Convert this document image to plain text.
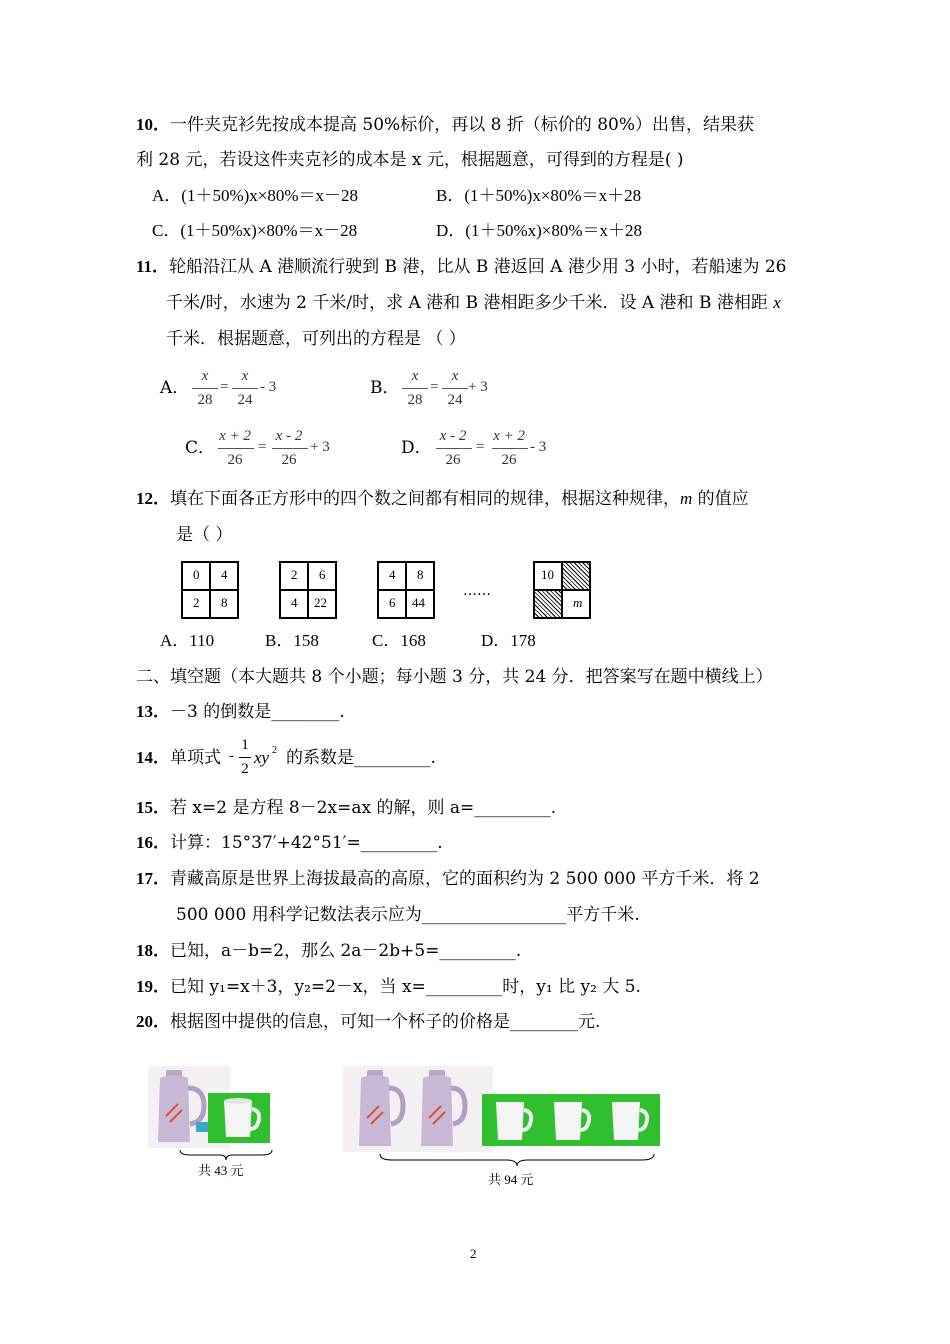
10．一件夹克衫先按成本提高 50%标价，再以 8 折（标价的 80%）出售，结果获
利 28 元，若设这件夹克衫的成本是 x 元，根据题意，可得到的方程是( )
A．(1＋50%)x×80%＝x－28	B．(1＋50%)x×80%＝x＋28
C．(1＋50%x)×80%＝x－28	D．(1＋50%x)×80%＝x＋28
11．轮船沿江从 A 港顺流行驶到 B 港，比从 B 港返回 A 港少用 3 小时，若船速为 26
千米/时，水速为 2 千米/时，求 A 港和 B 港相距多少千米．设 A 港和 B 港相距 x
千米．根据题意，可列出的方程是 （ ）
A．
x
28
=
x
24
- 3	B．
x
28
=
x
24
+ 3
C．
x + 2
26
=
x - 2
26
+ 3	D．
x - 2
26
=
x + 2
26
- 3
12．填在下面各正方形中的四个数之间都有相同的规律，根据这种规律，m 的值应
是（ ）
0	4
2	8
2	6
4	22
4	8
6	44
……
10
m
A．110	B．158	C．168	D．178
二、填空题（本大题共 8 个小题；每小题 3 分，共 24 分．把答案写在题中横线上）
13．－3 的倒数是________.
14．单项式 -
1
2
xy 2 的系数是_________.
15．若 x=2 是方程 8－2x=ax 的解，则 a=_________.
16．计算：15°37′+42°51′=_________.
17．青藏高原是世界上海拔最高的高原，它的面积约为 2 500 000 平方千米．将 2
500 000 用科学记数法表示应为_________________平方千米.
18．已知，a－b=2，那么 2a－2b+5=_________.
19．已知 y₁=x＋3，y₂=2－x，当 x=_________时，y₁ 比 y₂ 大 5.
20．根据图中提供的信息，可知一个杯子的价格是________元.
共 43 元
共 94 元
2
